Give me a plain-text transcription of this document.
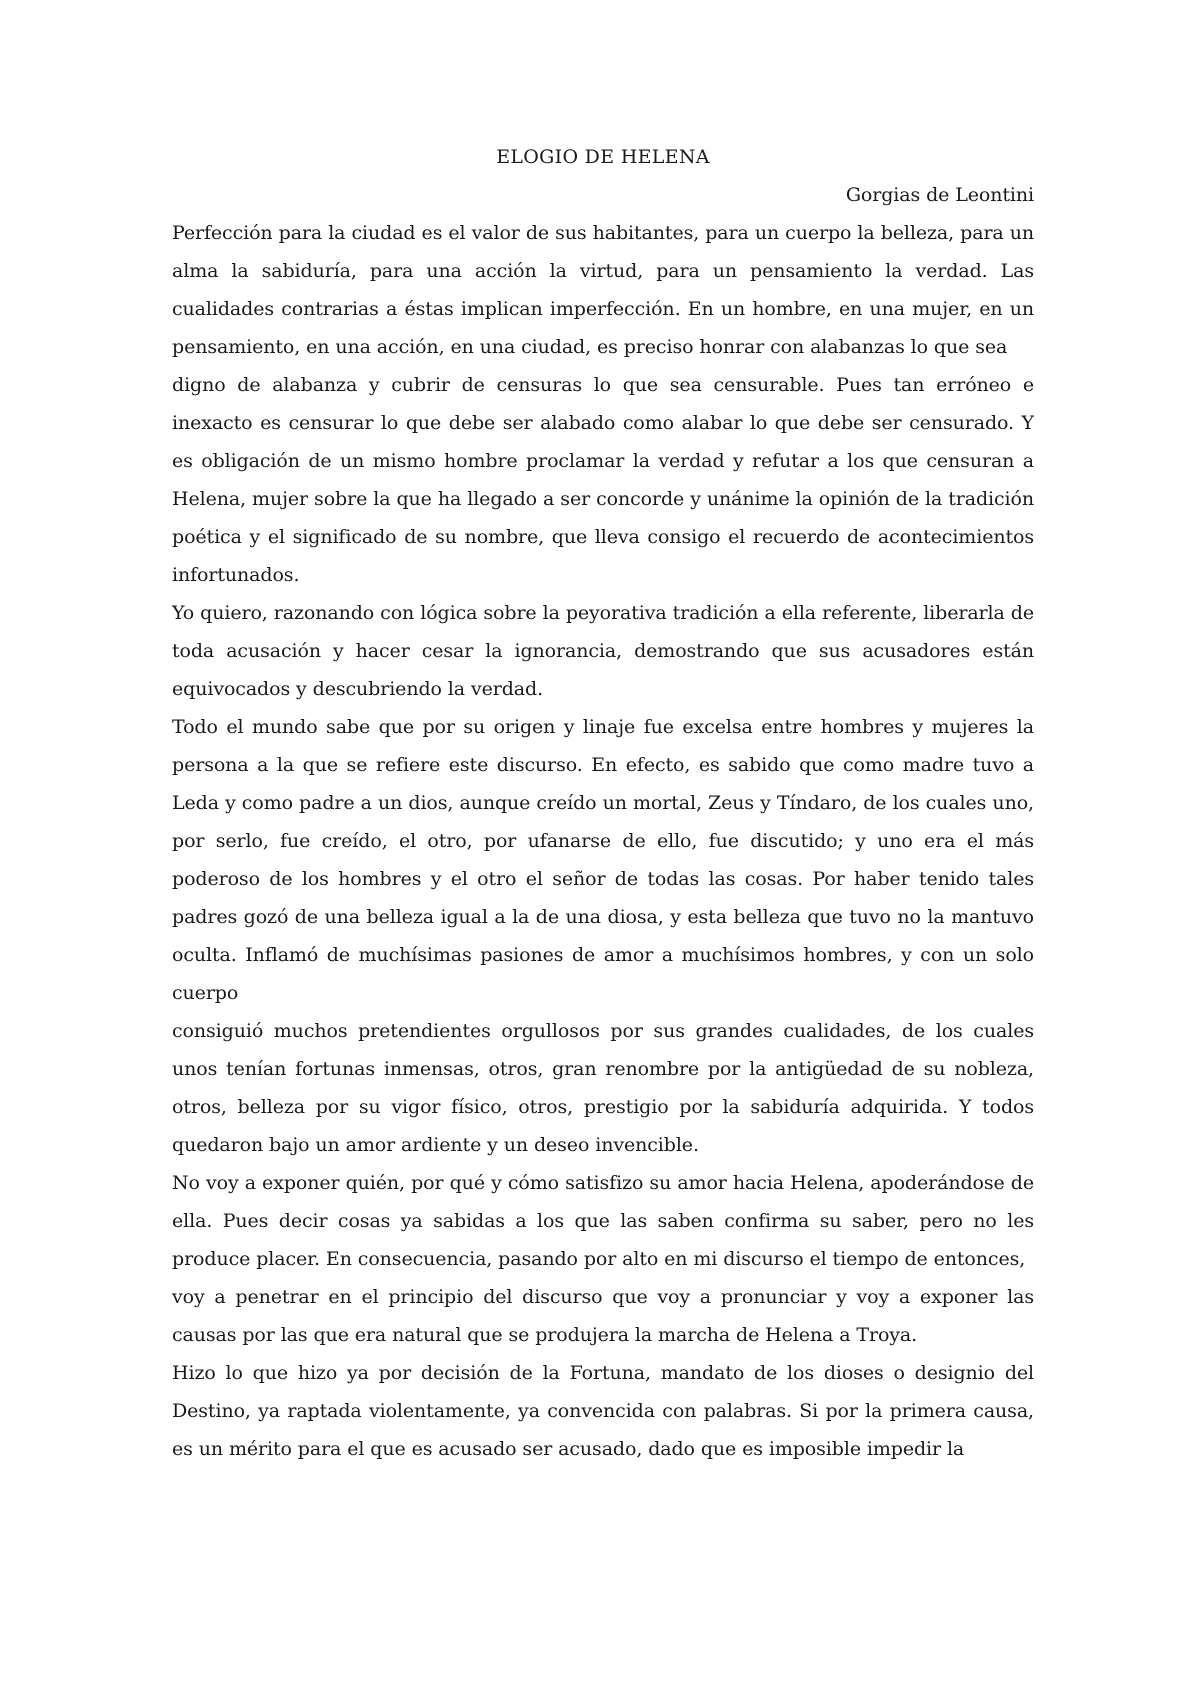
ELOGIO DE HELENA

Gorgias de Leontini

Perfección para la ciudad es el valor de sus habitantes, para un cuerpo la belleza, para un alma la sabiduría, para una acción la virtud, para un pensamiento la verdad. Las cualidades contrarias a éstas implican imperfección. En un hombre, en una mujer, en un pensamiento, en una acción, en una ciudad, es preciso honrar con alabanzas lo que sea

digno de alabanza y cubrir de censuras lo que sea censurable. Pues tan erróneo e inexacto es censurar lo que debe ser alabado como alabar lo que debe ser censurado. Y es obligación de un mismo hombre proclamar la verdad y refutar a los que censuran a Helena, mujer sobre la que ha llegado a ser concorde y unánime la opinión de la tradición poética y el significado de su nombre, que lleva consigo el recuerdo de acontecimientos infortunados.

Yo quiero, razonando con lógica sobre la peyorativa tradición a ella referente, liberarla de toda acusación y hacer cesar la ignorancia, demostrando que sus acusadores están equivocados y descubriendo la verdad.

Todo el mundo sabe que por su origen y linaje fue excelsa entre hombres y mujeres la persona a la que se refiere este discurso. En efecto, es sabido que como madre tuvo a Leda y como padre a un dios, aunque creído un mortal, Zeus y Tíndaro, de los cuales uno, por serlo, fue creído, el otro, por ufanarse de ello, fue discutido; y uno era el más poderoso de los hombres y el otro el señor de todas las cosas. Por haber tenido tales padres gozó de una belleza igual a la de una diosa, y esta belleza que tuvo no la mantuvo oculta. Inflamó de muchísimas pasiones de amor a muchísimos hombres, y con un solo cuerpo

consiguió muchos pretendientes orgullosos por sus grandes cualidades, de los cuales unos tenían fortunas inmensas, otros, gran renombre por la antigüedad de su nobleza, otros, belleza por su vigor físico, otros, prestigio por la sabiduría adquirida. Y todos quedaron bajo un amor ardiente y un deseo invencible.

No voy a exponer quién, por qué y cómo satisfizo su amor hacia Helena, apoderándose de ella. Pues decir cosas ya sabidas a los que las saben confirma su saber, pero no les produce placer. En consecuencia, pasando por alto en mi discurso el tiempo de entonces,

voy a penetrar en el principio del discurso que voy a pronunciar y voy a exponer las causas por las que era natural que se produjera la marcha de Helena a Troya.

Hizo lo que hizo ya por decisión de la Fortuna, mandato de los dioses o designio del Destino, ya raptada violentamente, ya convencida con palabras. Si por la primera causa, es un mérito para el que es acusado ser acusado, dado que es imposible impedir la
